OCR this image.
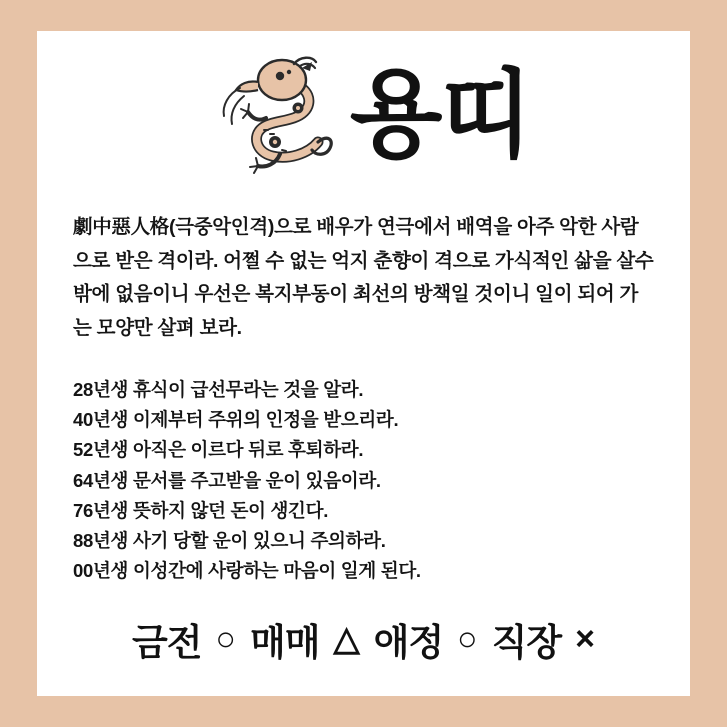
용띠
劇中惡人格(극중악인격)으로 배우가 연극에서 배역을 아주 악한 사람으로 받은 격이라. 어쩔 수 없는 억지 춘향이 격으로 가식적인 삶을 살수밖에 없음이니 우선은 복지부동이 최선의 방책일 것이니 일이 되어 가는 모양만 살펴 보라.
28년생 휴식이 급선무라는 것을 알라.
40년생 이제부터 주위의 인정을 받으리라.
52년생 아직은 이르다 뒤로 후퇴하라.
64년생 문서를 주고받을 운이 있음이라.
76년생 뜻하지 않던 돈이 생긴다.
88년생 사기 당할 운이 있으니 주의하라.
00년생 이성간에 사랑하는 마음이 일게 된다.
금전 ○ 매매 △ 애정 ○ 직장 ×
